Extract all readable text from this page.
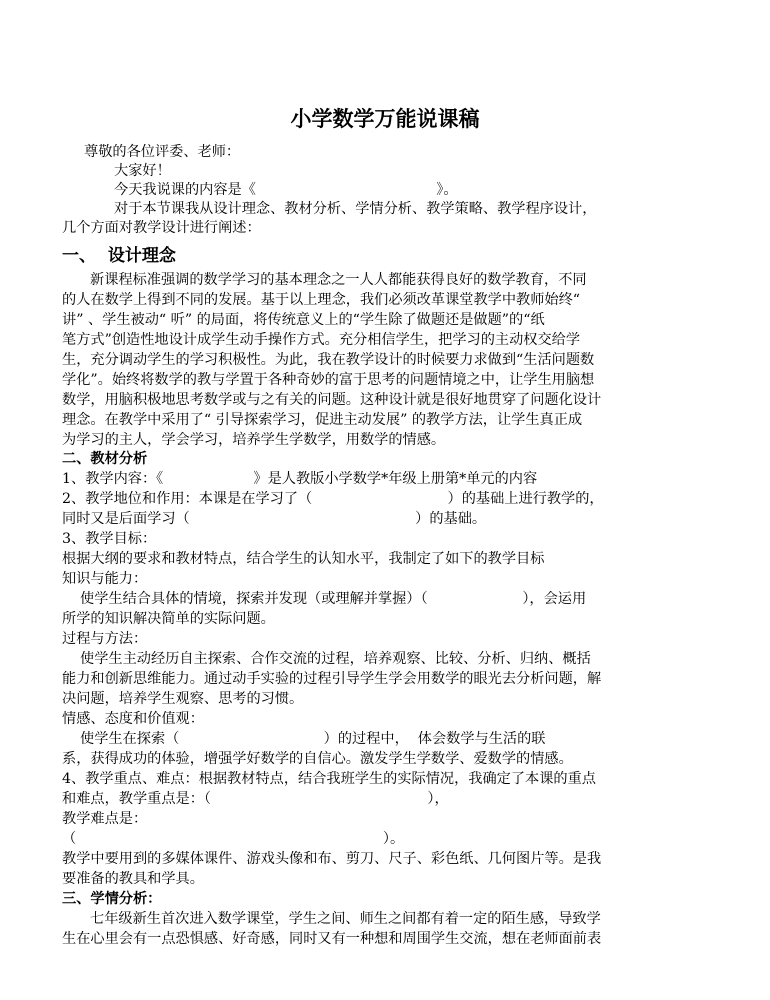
小学数学万能说课稿
尊敬的各位评委、老师：
大家好！
今天我说课的内容是《                                        》。
对于本节课我从设计理念、教材分析、学情分析、教学策略、教学程序设计，
几个方面对教学设计进行阐述：
一、  设计理念
新课程标准强调的数学学习的基本理念之一人人都能获得良好的数学教育，不同
的人在数学上得到不同的发展。基于以上理念，我们必须改革课堂教学中教师始终“
讲” 、学生被动“ 听” 的局面，将传统意义上的“学生除了做题还是做题”的“纸
笔方式”创造性地设计成学生动手操作方式。充分相信学生，把学习的主动权交给学
生，充分调动学生的学习积极性。为此，我在教学设计的时候要力求做到“生活问题数
学化”。始终将数学的教与学置于各种奇妙的富于思考的问题情境之中，让学生用脑想
数学，用脑积极地思考数学或与之有关的问题。这种设计就是很好地贯穿了问题化设计
理念。在教学中采用了“ 引导探索学习，促进主动发展” 的教学方法，让学生真正成
为学习的主人，学会学习，培养学生学数学，用数学的情感。
二、教材分析
1、教学内容：《                    》是人教版小学数学*年级上册第*单元的内容
2、教学地位和作用：本课是在学习了（                              ）的基础上进行教学的，
同时又是后面学习（                                                  ）的基础。
3、教学目标：
根据大纲的要求和教材特点，结合学生的认知水平，我制定了如下的教学目标
知识与能力：
使学生结合具体的情境，探索并发现（或理解并掌握）（                     ），会运用
所学的知识解决简单的实际问题。
过程与方法：
使学生主动经历自主探索、合作交流的过程，培养观察、比较、分析、归纳、概括
能力和创新思维能力。通过动手实验的过程引导学生学会用数学的眼光去分析问题，解
决问题，培养学生观察、思考的习惯。
情感、态度和价值观：
使学生在探索（                                ）的过程中，  体会数学与生活的联
系，获得成功的体验，增强学好数学的自信心。激发学生学数学、爱数学的情感。
4、教学重点、难点：根据教材特点，结合我班学生的实际情况，我确定了本课的重点
和难点，教学重点是：（                                                ），
教学难点是：
（                                                                    ）。
教学中要用到的多媒体课件、游戏头像和布、剪刀、尺子、彩色纸、几何图片等。是我
要准备的教具和学具。
三、学情分析：
七年级新生首次进入数学课堂，学生之间、师生之间都有着一定的陌生感，导致学
生在心里会有一点恐惧感、好奇感，同时又有一种想和周围学生交流，想在老师面前表
